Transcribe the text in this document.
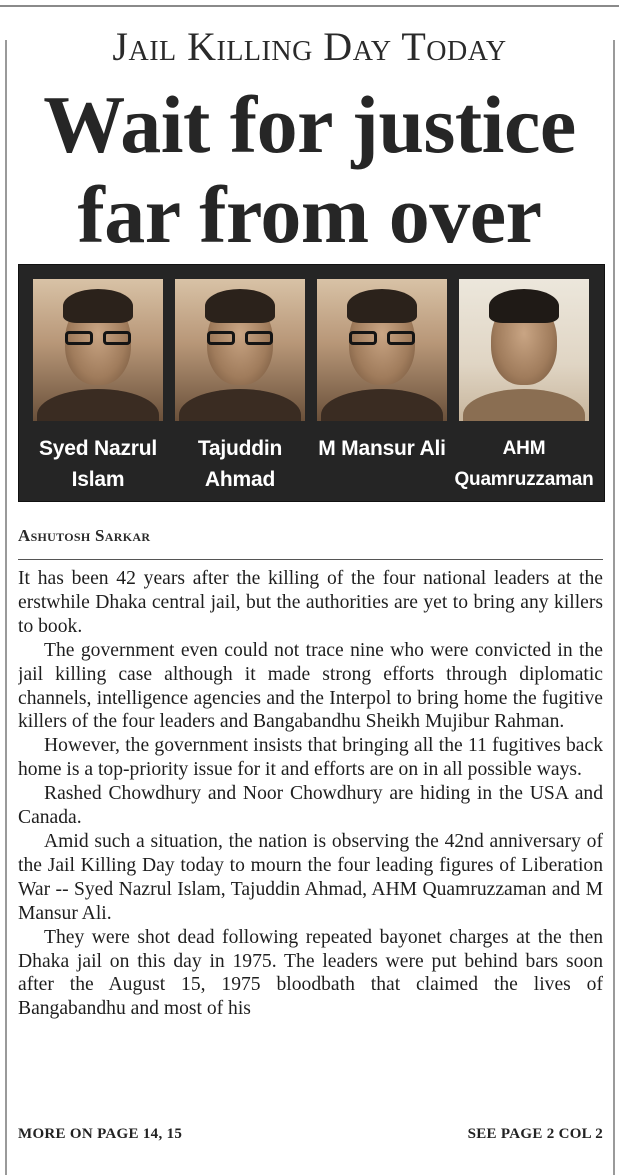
Jail Killing Day Today
Wait for justice far from over
Syed Nazrul Islam
Tajuddin Ahmad
M Mansur Ali	AHM Quamruzzaman
Ashutosh Sarkar

It has been 42 years after the killing of the four national leaders at the erstwhile Dhaka central jail, but the authorities are yet to bring any killers to book.

The government even could not trace nine who were convicted in the jail killing case although it made strong efforts through diplomatic channels, intelligence agencies and the Interpol to bring home the fugitive killers of the four leaders and Bangabandhu Sheikh Mujibur Rahman.

However, the government insists that bringing all the 11 fugitives back home is a top-priority issue for it and efforts are on in all possible ways.

Rashed Chowdhury and Noor Chowdhury are hiding in the USA and Canada.

Amid such a situation, the nation is observing the 42nd anniversary of the Jail Killing Day today to mourn the four leading figures of Liberation War -- Syed Nazrul Islam, Tajuddin Ahmad, AHM Quamruzzaman and M Mansur Ali.

They were shot dead following repeated bayonet charges at the then Dhaka jail on this day in 1975. The leaders were put behind bars soon after the August 15, 1975 bloodbath that claimed the lives of Bangabandhu and most of his

MORE ON PAGE 14, 15	SEE PAGE 2 COL 2
